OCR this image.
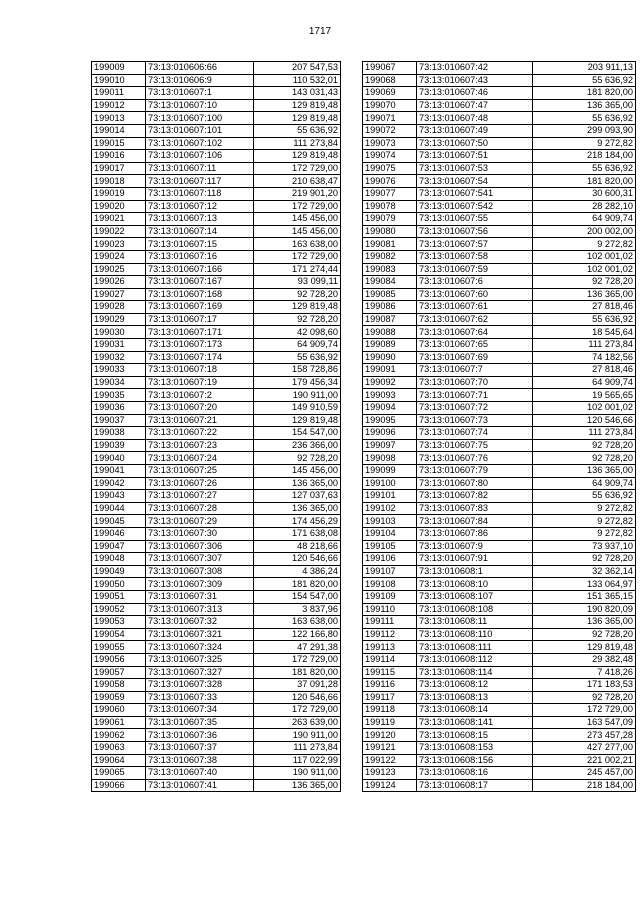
1717
199009	73:13:010606:66	207 547,53
199010	73:13:010606:9	110 532,01
199011	73:13:010607:1	143 031,43
199012	73:13:010607:10	129 819,48
199013	73:13:010607:100	129 819,48
199014	73:13:010607:101	55 636,92
199015	73:13:010607:102	111 273,84
199016	73:13:010607:106	129 819,48
199017	73:13:010607:11	172 729,00
199018	73:13:010607:117	210 638,47
199019	73:13:010607:118	219 901,20
199020	73:13:010607:12	172 729,00
199021	73:13:010607:13	145 456,00
199022	73:13:010607:14	145 456,00
199023	73:13:010607:15	163 638,00
199024	73:13:010607:16	172 729,00
199025	73:13:010607:166	171 274,44
199026	73:13:010607:167	93 099,11
199027	73:13:010607:168	92 728,20
199028	73:13:010607:169	129 819,48
199029	73:13:010607:17	92 728,20
199030	73:13:010607:171	42 098,60
199031	73:13:010607:173	64 909,74
199032	73:13:010607:174	55 636,92
199033	73:13:010607:18	158 728,86
199034	73:13:010607:19	179 456,34
199035	73:13:010607:2	190 911,00
199036	73:13:010607:20	149 910,59
199037	73:13:010607:21	129 819,48
199038	73:13:010607:22	154 547,00
199039	73:13:010607:23	236 366,00
199040	73:13:010607:24	92 728,20
199041	73:13:010607:25	145 456,00
199042	73:13:010607:26	136 365,00
199043	73:13:010607:27	127 037,63
199044	73:13:010607:28	136 365,00
199045	73:13:010607:29	174 456,29
199046	73:13:010607:30	171 638,08
199047	73:13:010607:306	48 218,66
199048	73:13:010607:307	120 546,66
199049	73:13:010607:308	4 386,24
199050	73:13:010607:309	181 820,00
199051	73:13:010607:31	154 547,00
199052	73:13:010607:313	3 837,96
199053	73:13:010607:32	163 638,00
199054	73:13:010607:321	122 166,80
199055	73:13:010607:324	47 291,38
199056	73:13:010607:325	172 729,00
199057	73:13:010607:327	181 820,00
199058	73:13:010607:328	37 091,28
199059	73:13:010607:33	120 546,66
199060	73:13:010607:34	172 729,00
199061	73:13:010607:35	263 639,00
199062	73:13:010607:36	190 911,00
199063	73:13:010607:37	111 273,84
199064	73:13:010607:38	117 022,99
199065	73:13:010607:40	190 911,00
199066	73:13:010607:41	136 365,00
199067	73:13:010607:42	203 911,13
199068	73:13:010607:43	55 636,92
199069	73:13:010607:46	181 820,00
199070	73:13:010607:47	136 365,00
199071	73:13:010607:48	55 636,92
199072	73:13:010607:49	299 093,90
199073	73:13:010607:50	9 272,82
199074	73:13:010607:51	218 184,00
199075	73:13:010607:53	55 636,92
199076	73:13:010607:54	181 820,00
199077	73:13:010607:541	30 600,31
199078	73:13:010607:542	28 282,10
199079	73:13:010607:55	64 909,74
199080	73:13:010607:56	200 002,00
199081	73:13:010607:57	9 272,82
199082	73:13:010607:58	102 001,02
199083	73:13:010607:59	102 001,02
199084	73:13:010607:6	92 728,20
199085	73:13:010607:60	136 365,00
199086	73:13:010607:61	27 818,46
199087	73:13:010607:62	55 636,92
199088	73:13:010607:64	18 545,64
199089	73:13:010607:65	111 273,84
199090	73:13:010607:69	74 182,56
199091	73:13:010607:7	27 818,46
199092	73:13:010607:70	64 909,74
199093	73:13:010607:71	19 565,65
199094	73:13:010607:72	102 001,02
199095	73:13:010607:73	120 546,66
199096	73:13:010607:74	111 273,84
199097	73:13:010607:75	92 728,20
199098	73:13:010607:76	92 728,20
199099	73:13:010607:79	136 365,00
199100	73:13:010607:80	64 909,74
199101	73:13:010607:82	55 636,92
199102	73:13:010607:83	9 272,82
199103	73:13:010607:84	9 272,82
199104	73:13:010607:86	9 272,82
199105	73:13:010607:9	73 937,10
199106	73:13:010607:91	92 728,20
199107	73:13:010608:1	32 362,14
199108	73:13:010608:10	133 064,97
199109	73:13:010608:107	151 365,15
199110	73:13:010608:108	190 820,09
199111	73:13:010608:11	136 365,00
199112	73:13:010608:110	92 728,20
199113	73:13:010608:111	129 819,48
199114	73:13:010608:112	29 382,48
199115	73:13:010608:114	7 418,26
199116	73:13:010608:12	171 183,53
199117	73:13:010608:13	92 728,20
199118	73:13:010608:14	172 729,00
199119	73:13:010608:141	163 547,09
199120	73:13:010608:15	273 457,28
199121	73:13:010608:153	427 277,00
199122	73:13:010608:156	221 002,21
199123	73:13:010608:16	245 457,00
199124	73:13:010608:17	218 184,00
